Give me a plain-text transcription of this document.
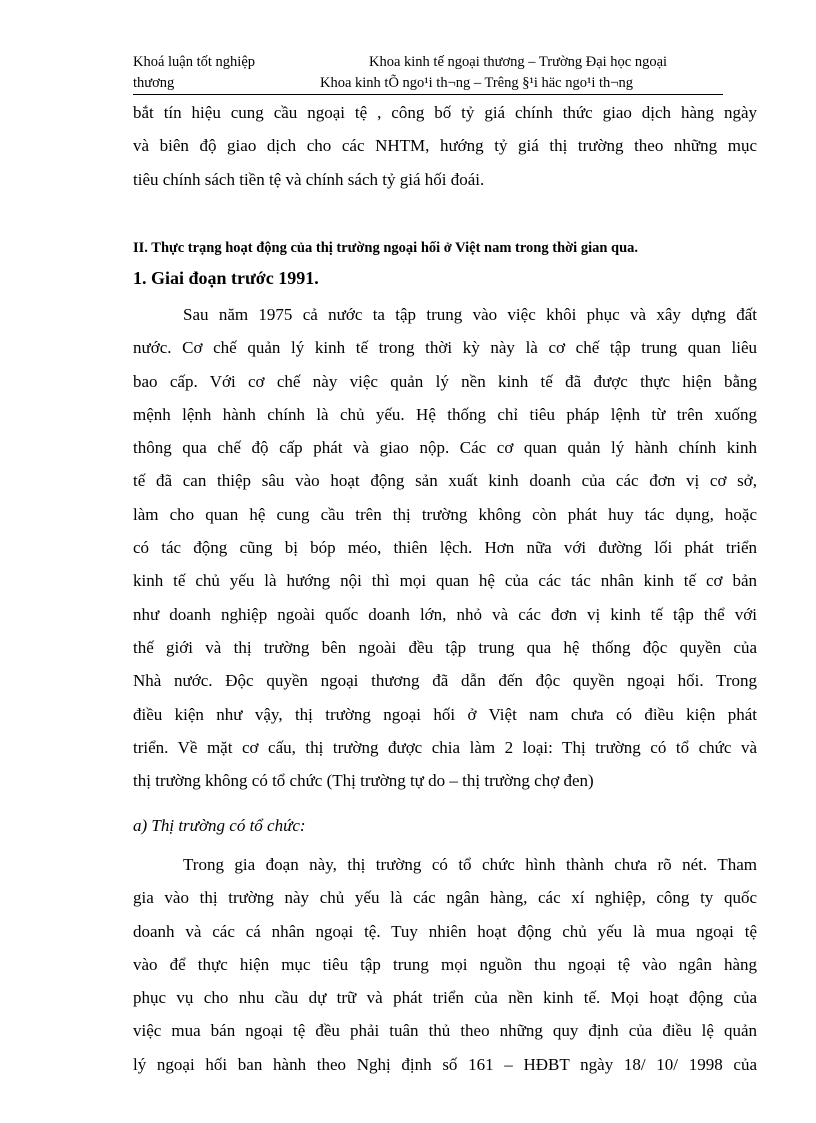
Khoá luận tốt nghiệp	Khoa kinh tế ngoại thương – Trường Đại học ngoại
thương	Khoa kinh tÕ ngo¹i th¬ng – Trêng §¹i häc ngo¹i th¬ng
bắt tín hiệu cung cầu ngoại tệ , công bố tỷ giá chính thức giao dịch hàng ngày
và biên độ giao dịch cho các NHTM, hướng tỷ giá thị trường theo những mục
tiêu chính sách tiền tệ và chính sách tỷ giá hối đoái.
II. Thực trạng hoạt động của thị trường ngoại hối ở Việt nam trong thời gian qua.
1. Giai đoạn trước 1991.
Sau năm 1975 cả nước ta tập trung vào việc khôi phục và xây dựng đất
nước. Cơ chế quản lý kinh tế trong thời kỳ này là cơ chế tập trung quan liêu
bao cấp. Với cơ chế này việc quản lý nền kinh tế đã được thực hiện bằng
mệnh lệnh hành chính là chủ yếu. Hệ thống chỉ tiêu pháp lệnh từ trên xuống
thông qua chế độ cấp phát và giao nộp. Các cơ quan quản lý hành chính kinh
tế đã can thiệp sâu vào hoạt động sản xuất kinh doanh của các đơn vị cơ sở,
làm cho quan hệ cung cầu trên thị trường không còn phát huy tác dụng, hoặc
có tác động cũng bị bóp méo, thiên lệch. Hơn nữa với đường lối phát triển
kinh tế chủ yếu là hướng nội thì mọi quan hệ của các tác nhân kinh tế cơ bản
như doanh nghiệp ngoài quốc doanh lớn, nhỏ và các đơn vị kinh tế tập thể với
thế giới và thị trường bên ngoài đều tập trung qua hệ thống độc quyền của
Nhà nước. Độc quyền ngoại thương đã dẫn đến độc quyền ngoại hối. Trong
điều kiện như vậy, thị trường ngoại hối ở Việt nam chưa có điều kiện phát
triển. Về mặt cơ cấu, thị trường được chia làm 2 loại: Thị trường có tổ chức và
thị trường không có tổ chức (Thị trường tự do – thị trường chợ đen)
a) Thị trường có tổ chức:
Trong gia đoạn này, thị trường có tổ chức hình thành chưa rõ nét. Tham
gia vào thị trường này chủ yếu là các ngân hàng, các xí nghiệp, công ty quốc
doanh và các cá nhân ngoại tệ. Tuy nhiên hoạt động chủ yếu là mua ngoại tệ
vào để thực hiện mục tiêu tập trung mọi nguồn thu ngoại tệ vào ngân hàng
phục vụ cho nhu cầu dự trữ và phát triển của nền kinh tế. Mọi hoạt động của
việc mua bán ngoại tệ đều phải tuân thủ theo những quy định của điều lệ quản
lý ngoại hối ban hành theo Nghị định số 161 – HĐBT ngày 18/ 10/ 1998 của
